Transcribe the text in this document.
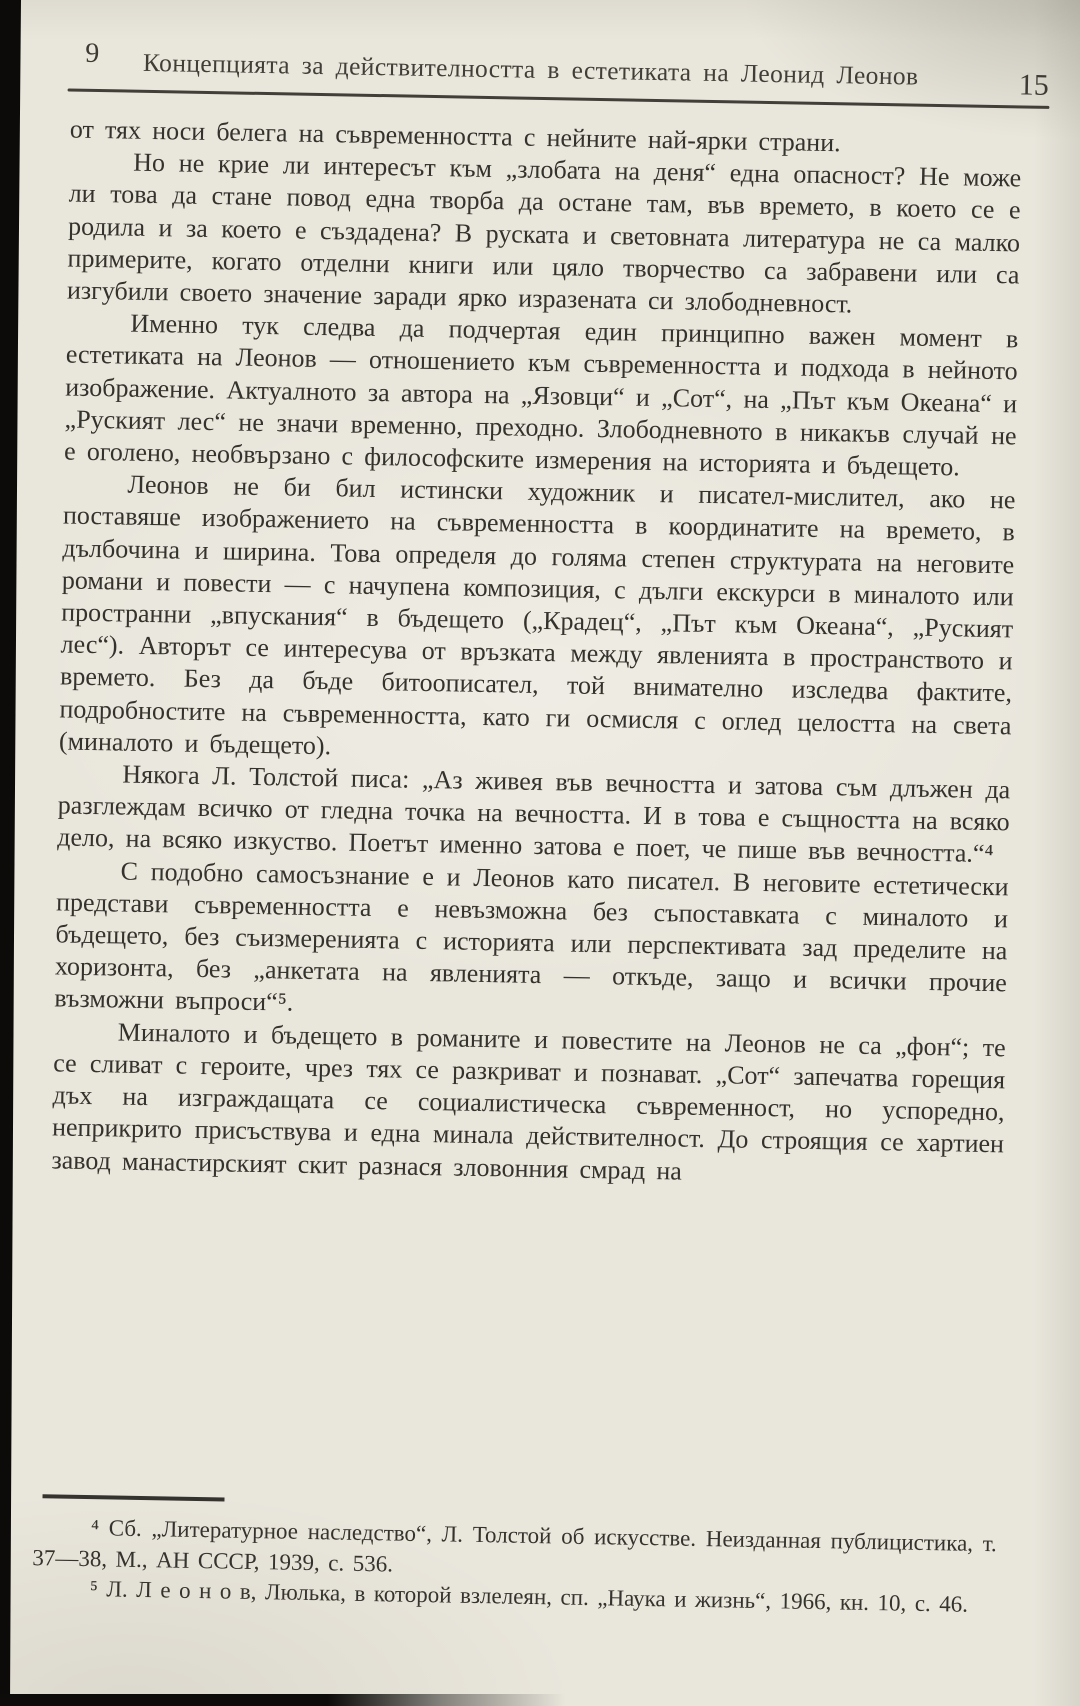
9 Концепцията за действителността в естетиката на Леонид Леонов	15

от тях носи белега на съвременността с нейните най-ярки страни.

Но не крие ли интересът към „злобата на деня“ една опасност? Не може ли това да стане повод една творба да остане там, във времето, в което се е родила и за което е създадена? В руската и световната литература не са малко примерите, когато отделни книги или цяло творчество са забравени или са изгубили своето значение заради ярко изразената си злободневност.

Именно тук следва да подчертая един принципно важен момент в естетиката на Леонов — отношението към съвременността и подхода в нейното изображение. Актуалното за автора на „Язовци“ и „Сот“, на „Път към Океана“ и „Руският лес“ не значи временно, преходно. Злободневното в никакъв случай не е оголено, необвързано с философските измерения на историята и бъдещето.

Леонов не би бил истински художник и писател-мислител, ако не поставяше изображението на съвременността в координатите на времето, в дълбочина и ширина. Това определя до голяма степен структурата на неговите романи и повести — с начупена композиция, с дълги екскурси в миналото или пространни „впускания“ в бъдещето („Крадец“, „Път към Океана“, „Руският лес“). Авторът се интересува от връзката между явленията в пространството и времето. Без да бъде битоописател, той внимателно изследва фактите, подробностите на съвременността, като ги осмисля с оглед целостта на света (миналото и бъдещето).

Някога Л. Толстой писа: „Аз живея във вечността и затова съм длъжен да разглеждам всичко от гледна точка на вечността. И в това е същността на всяко дело, на всяко изкуство. Поетът именно затова е поет, че пише във вечността.“⁴

С подобно самосъзнание е и Леонов като писател. В неговите естетически представи съвременността е невъзможна без съпоставката с миналото и бъдещето, без съизмеренията с историята или перспективата зад пределите на хоризонта, без „анкетата на явленията — откъде, защо и всички прочие възможни въпроси“⁵.

Миналото и бъдещето в романите и повестите на Леонов не са „фон“; те се сливат с героите, чрез тях се разкриват и познават. „Сот“ запечатва горещия дъх на изграждащата се социалистическа съвременност, но успоредно, неприкрито присъствува и една минала действителност. До строящия се хартиен завод манастирският скит разнася зловонния смрад на

⁴ Сб. „Литературное наследство“, Л. Толстой об искусстве. Неизданная публицистика, т. 37—38, М., АН СССР, 1939, с. 536.

⁵ Л. Л е о н о в, Люлька, в которой взлелеян, сп. „Наука и жизнь“, 1966, кн. 10, с. 46.
